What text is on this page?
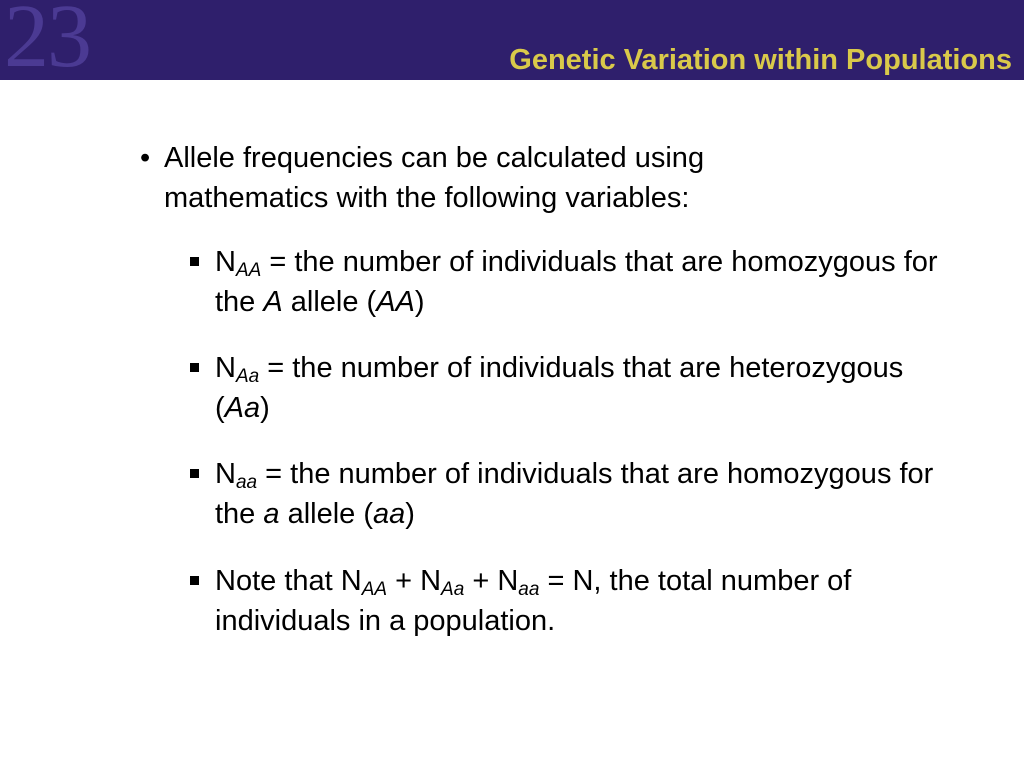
23	Genetic Variation within Populations
• Allele frequencies can be calculated using mathematics with the following variables:
$N_{AA}$ = the number of individuals that are homozygous for the A allele (AA)
$N_{Aa}$ = the number of individuals that are heterozygous (Aa)
$N_{aa}$ = the number of individuals that are homozygous for the a allele (aa)
Note that $N_{AA} + N_{Aa} + N_{aa} = N$, the total number of individuals in a population.
